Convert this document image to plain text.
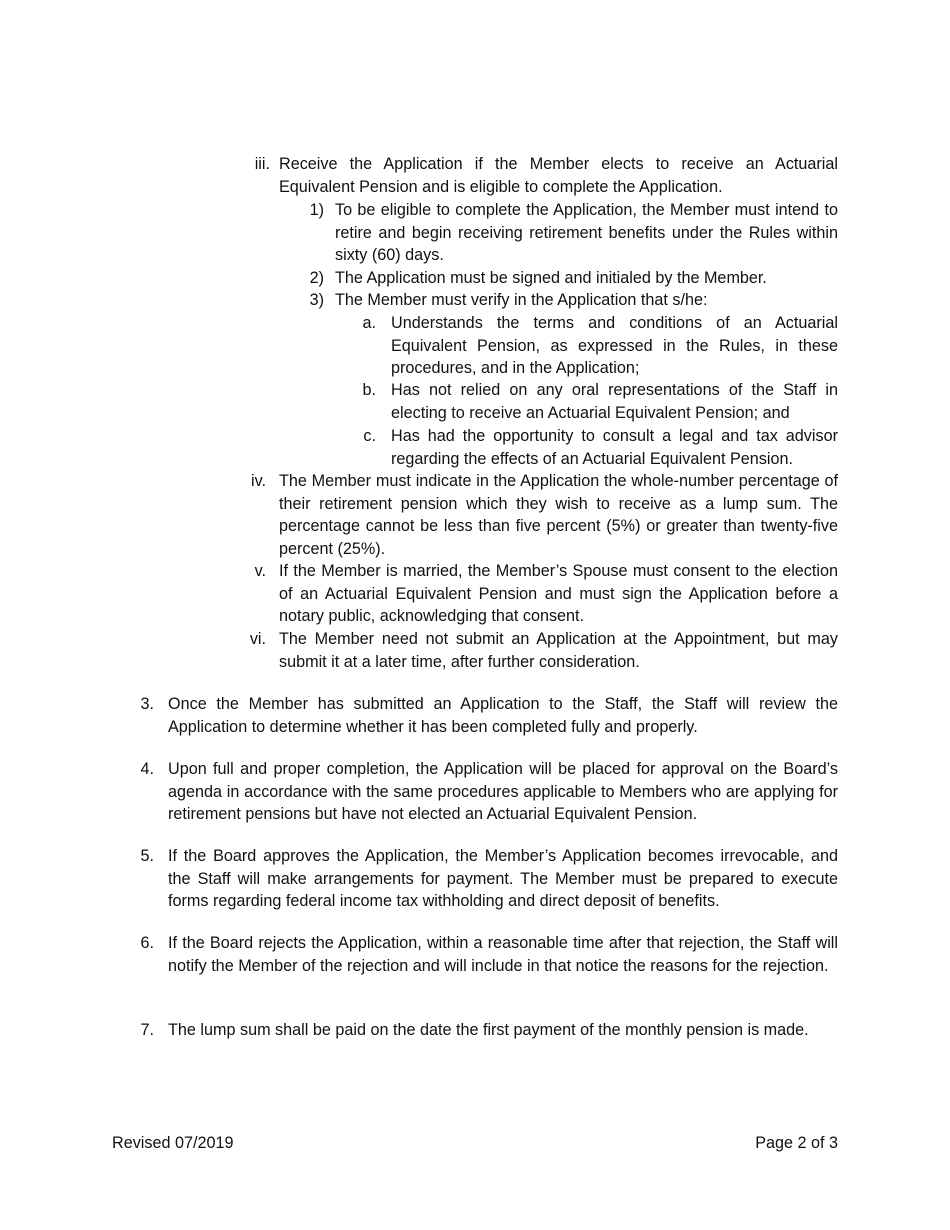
iii. Receive the Application if the Member elects to receive an Actuarial Equivalent Pension and is eligible to complete the Application.
1) To be eligible to complete the Application, the Member must intend to retire and begin receiving retirement benefits under the Rules within sixty (60) days.
2) The Application must be signed and initialed by the Member.
3) The Member must verify in the Application that s/he:
a. Understands the terms and conditions of an Actuarial Equivalent Pension, as expressed in the Rules, in these procedures, and in the Application;
b. Has not relied on any oral representations of the Staff in electing to receive an Actuarial Equivalent Pension; and
c. Has had the opportunity to consult a legal and tax advisor regarding the effects of an Actuarial Equivalent Pension.
iv. The Member must indicate in the Application the whole-number percentage of their retirement pension which they wish to receive as a lump sum. The percentage cannot be less than five percent (5%) or greater than twenty-five percent (25%).
v. If the Member is married, the Member’s Spouse must consent to the election of an Actuarial Equivalent Pension and must sign the Application before a notary public, acknowledging that consent.
vi. The Member need not submit an Application at the Appointment, but may submit it at a later time, after further consideration.
3. Once the Member has submitted an Application to the Staff, the Staff will review the Application to determine whether it has been completed fully and properly.
4. Upon full and proper completion, the Application will be placed for approval on the Board’s agenda in accordance with the same procedures applicable to Members who are applying for retirement pensions but have not elected an Actuarial Equivalent Pension.
5. If the Board approves the Application, the Member’s Application becomes irrevocable, and the Staff will make arrangements for payment. The Member must be prepared to execute forms regarding federal income tax withholding and direct deposit of benefits.
6. If the Board rejects the Application, within a reasonable time after that rejection, the Staff will notify the Member of the rejection and will include in that notice the reasons for the rejection.
7. The lump sum shall be paid on the date the first payment of the monthly pension is made.
Revised 07/2019	Page 2 of 3
